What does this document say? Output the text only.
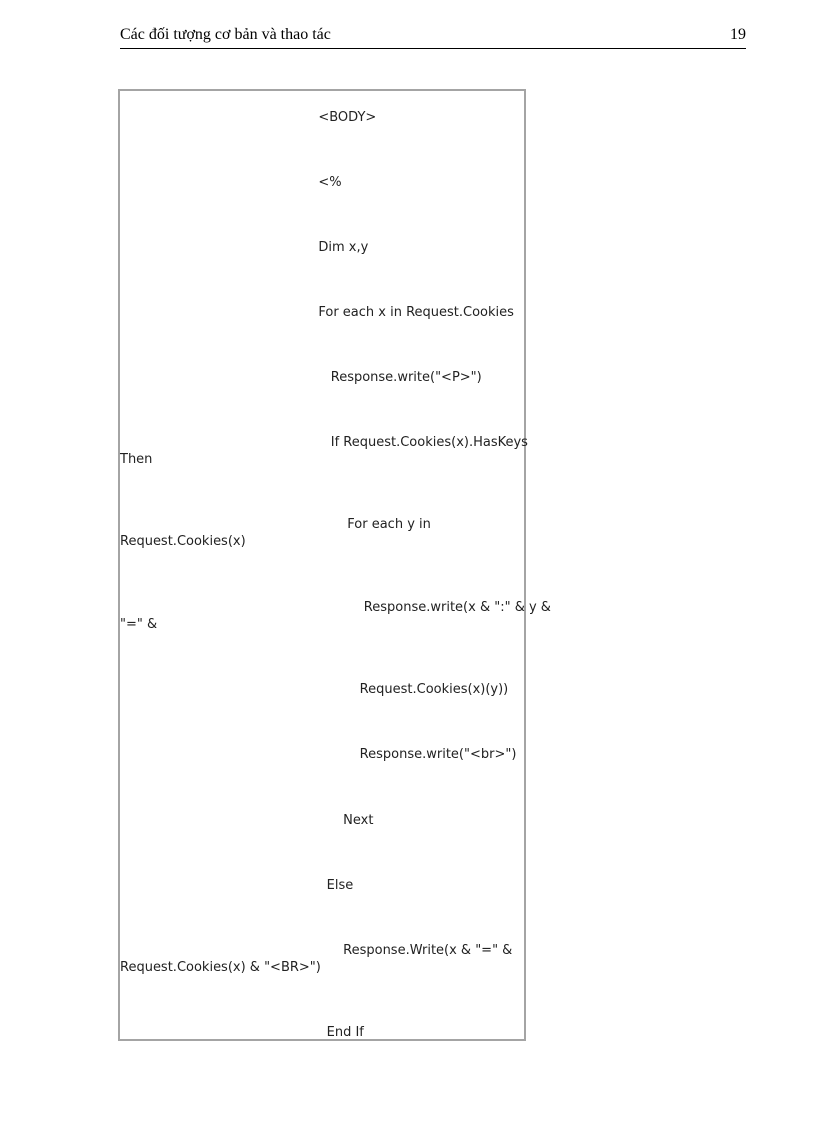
Các đối tượng cơ bản và thao tác	19
<BODY>
<%
Dim x,y
For each x in Request.Cookies
Response.write("<P>")
If Request.Cookies(x).HasKeys
Then
For each y in
Request.Cookies(x)
Response.write(x & ":" & y &
"=" &
Request.Cookies(x)(y))
Response.write("<br>")
Next
Else
Response.Write(x & "=" &
Request.Cookies(x) & "<BR>")
End If
